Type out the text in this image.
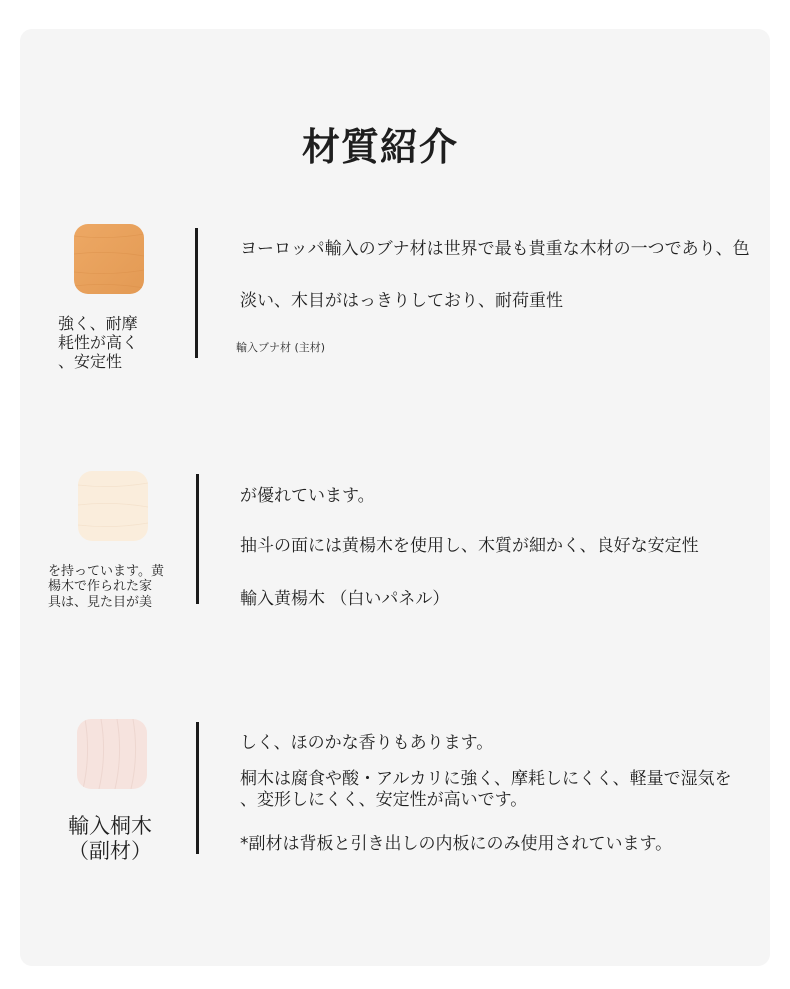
材質紹介

強く、耐摩
耗性が高く
、安定性

ヨーロッパ輸入のブナ材は世界で最も貴重な木材の一つであり、色

淡い、木目がはっきりしており、耐荷重性

輸入ブナ材 (主材)

を持っています。黄
楊木で作られた家
具は、見た目が美

が優れています。

抽斗の面には黄楊木を使用し、木質が細かく、良好な安定性

輸入黄楊木 （白いパネル）

輸入桐木
（副材）

しく、ほのかな香りもあります。

桐木は腐食や酸・アルカリに強く、摩耗しにくく、軽量で湿気を
、変形しにくく、安定性が高いです。

*副材は背板と引き出しの内板にのみ使用されています。
